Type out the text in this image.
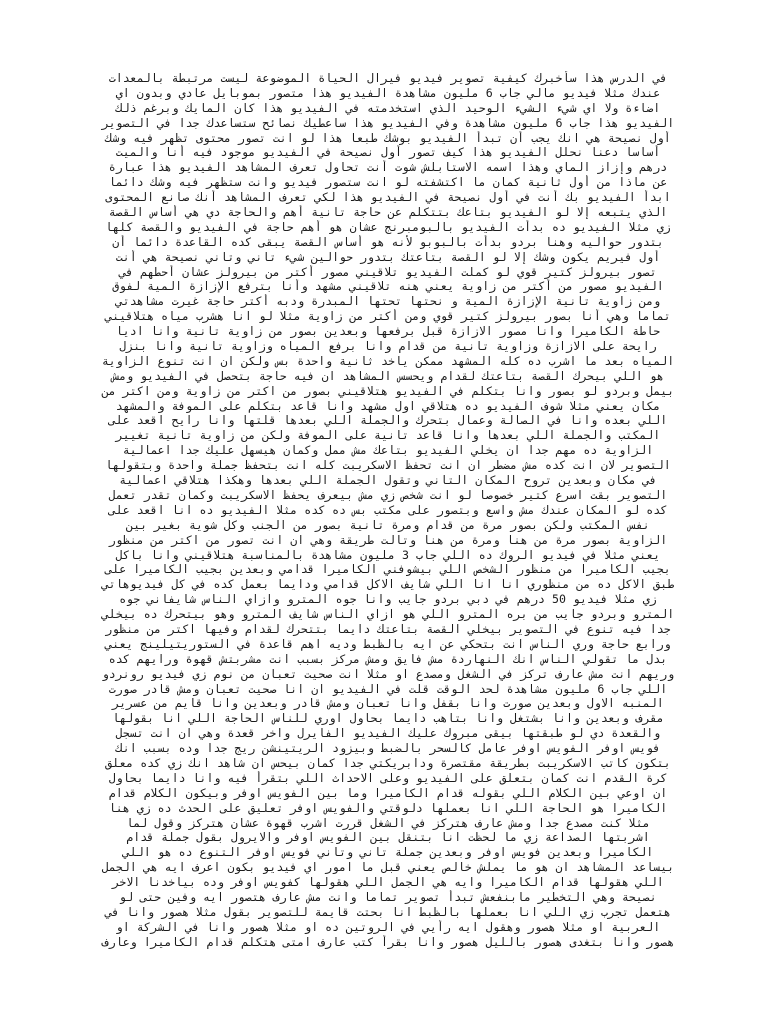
في الدرس هذا سأخبرك كيفية تصوير فيديو فيرال الحياة الموضوعة ليست مرتبطة بالمعدات
عندك مثلا فيديو مالي جاب 6 مليون مشاهدة الفيديو هذا متصور بموبايل عادي وبدون اي
اضاءة ولا اي شيء الشيء الوحيد الذي استخدمته في الفيديو هذا كان المايك وبرغم ذلك
الفيديو هذا جاب 6 مليون مشاهدة وفي الفيديو هذا ساعطيك نصائح ستساعدك جدا في التصوير
أول نصيحة هي انك يجب أن تبدأ الفيديو بوشك طبعا هذا لو انت تصور محتوى تظهر فيه وشك
أساسا دعنا نحلل الفيديو هذا كيف تصور أول نصيحة في الفيديو موجود فيه أنا والميت
درهم وإزاز الماي وهذا اسمه الاستابلش شوت أنت تحاول تعرف المشاهد الفيديو هذا عبارة
عن ماذا من أول ثانية كمان ما اكتشفته لو انت ستصور فيديو وانت ستظهر فيه وشك دائما
ابدأ الفيديو بك أنت في أول نصيحة في الفيديو هذا لكي تعرف المشاهد أنك صانع المحتوى
الذي يتبعه إلا لو الفيديو بتاعك بتتكلم عن حاجة تانية أهم والحاجة دي هي أساس القصة
زي مثلا الفيديو ده بدأت الفيديو بالبومبرنج عشان هو أهم حاجة في الفيديو والقصة كلها
بتدور حواليه وهنا بردو بدأت بالبوبو لأنه هو أساس القصة يبقى كده القاعدة دائما أن
أول فيريم يكون وشك إلا لو القصة بتاعتك بتدور حوالين شيء تاني وتاني نصيحة هي أنت
تصور بيرولز كتير قوي لو كملت الفيديو تلاقيني مصور أكتر من بيرولز عشان أحطهم في
الفيديو مصور من أكتر من زاوية يعني هنه تلاقيني مشهد وأنا بترفع الإزازة المية لفوق
ومن زاوية تانية الإزازة المية و نحتها تحتها المبدرة ودبه أكتر حاجة غيرت مشاهدتي
تماما وهي أنا بصور بيرولز كتير قوي ومن أكتر من زاوية مثلا لو انا هشرب مياه هتلاقيني
حاطة الكاميرا وانا مصور الازازة قبل برفعها وبعدين بصور من زاوية تانية وانا اديا
رايحة على الازازة وزاوية تانية من قدام وانا برفع المياه وزاوية تانية وانا بنزل
المياه بعد ما اشرب ده كله المشهد ممكن ياخد ثانية واحدة بس ولكن ان انت تنوع الزاوية
هو اللي بيحرك القصة بتاعتك لقدام ويحسس المشاهد ان فيه حاجة بتحصل في الفيديو ومش
بيمل وبردو لو بصور وانا بتكلم في الفيديو هتلاقيني بصور من اكتر من زاوية ومن اكتر من
مكان يعني مثلا شوف الفيديو ده هتلاقي اول مشهد وانا قاعد بتكلم على الموفة والمشهد
اللي بعده وانا في الصالة وعمال بتحرك والجملة اللي بعدها قلتها وانا رايح اقعد على
المكتب والجملة اللي بعدها وانا قاعد تانية على الموفة ولكن من زاوية تانية تغيير
الزاوية ده مهم جدا ان يخلي الفيديو بتاعك مش ممل وكمان هيسهل عليك جدا اعمالية
التصوير لان انت كده مش مضطر ان انت تحفظ الاسكريبت كله انت بتحفظ جملة واحدة وبتقولها
في مكان وبعدين تروح المكان التاني وتقول الجملة اللي بعدها وهكذا هتلاقي اعمالية
التصوير بقت اسرع كتير خصوصا لو انت شخص زي مش بيعرف يحفظ الاسكريبت وكمان تقدر تعمل
كده لو المكان عندك مش واسع وبتصور على مكتب بس ده كده مثلا الفيديو ده انا اقعد على
نفس المكتب ولكن بصور مرة من قدام ومرة تانية بصور من الجنب وكل شوية بغير بين
الزاوية بصور مرة من هنا ومرة من هنا وتالت طريقة وهي ان انت تصور من اكتر من منظور
يعني مثلا في فيديو الروك ده اللي جاب 3 مليون مشاهدة بالمناسبة هتلاقيني وانا باكل
بجيب الكاميرا من منظور الشخص اللي بيشوفني الكاميرا قدامي وبعدين بجيب الكاميرا على
طبق الاكل ده من منظوري انا انا اللي شايف الاكل قدامي ودايما بعمل كده في كل فيديوهاتي
زي مثلا فيديو 50 درهم في دبي بردو جايب وانا جوه المترو وازاي الناس شايفاني جوه
المترو وبردو جايب من بره المترو اللي هو ازاي الناس شايف المترو وهو بيتحرك ده بيخلي
جدا فيه تنوع في التصوير بيخلي القصة بتاعتك دايما بتتحرك لقدام وفيها اكتر من منظور
ورابع حاجة وري الناس انت بتحكي عن ايه بالظبط وديه اهم قاعدة في الستوريتيلينج يعني
بدل ما تقولي الناس انك النهاردة مش فايق ومش مركز بسبب انت مشربتش قهوة ورايهم كده
وريهم انت مش عارف تركز في الشغل ومصدع او مثلا انت صحيت تعبان من نوم زي فيديو رونردو
اللي جاب 6 مليون مشاهدة لحد الوقت قلت في الفيديو ان انا صحيت تعبان ومش قادر صورت
المنبه الاول وبعدين صورت وانا بقفل وانا تعبان ومش قادر وبعدين وانا قايم من عسرير
مقرف وبعدين وانا بشتغل وانا بتاهب دايما بحاول اوري للناس الحاجة اللي انا بقولها
والقعدة دي لو طبقتها بيقى مبروك عليك الفيديو الفايرل واخر قعدة وهي ان انت تسجل
فويس اوفر الفويس اوفر عامل كالسحر بالضبط وبيزود الريتينشن ريج جدا وده بسبب انك
بتكون كاتب الاسكريبت بطريقة مقتصرة ودابريكتي جدا كمان بيحس ان شاهد انك زي كده معلق
كرة القدم انت كمان بتعلق على الفيديو وعلى الاحداث اللي بتقرأ فيه وانا دايما بحاول
ان اوعي بين الكلام اللي بقوله قدام الكاميرا وما بين الفويس اوفر وبيكون الكلام قدام
الكاميرا هو الحاجة اللي انا بعملها دلوقتي والفويس اوفر تعليق على الحدث ده زي هنا
مثلا كنت مصدع جدا ومش عارف هتركز في الشغل قررت اشرب قهوة عشان هتركز وقول لما
اشربتها الصداعة زي ما لحظت انا بتنقل بين الفويس اوفر والايرول بقول جملة قدام
الكاميرا وبعدين فويس اوفر وبعدين جملة تاني وتاني فويس اوفر التنوع ده هو اللي
بيساعد المشاهد ان هو ما يملش خالص يعني قبل ما امور اي فيديو بكون اعرف ايه هي الجمل
اللي هقولها قدام الكاميرا وايه هي الجمل اللي هقولها كفويس اوفر وده بياخدنا الاخر
نصيحة وهي التخطير مابنفعش تبدأ تصوير تماما وانت مش عارف هتصور ايه وفين حتى لو
هتعمل تجرب زي اللي انا بعملها بالظبط انا بحتت قايمة للتصوير بقول مثلا هصور وانا في
العربية او مثلا هصور وهقول ايه رأيي في الروتين ده او مثلا هصور وانا في الشركة او
هصور وانا بتغدى هصور بالليل هصور وانا بقرأ كتب عارف امتى هتكلم قدام الكاميرا وعارف
